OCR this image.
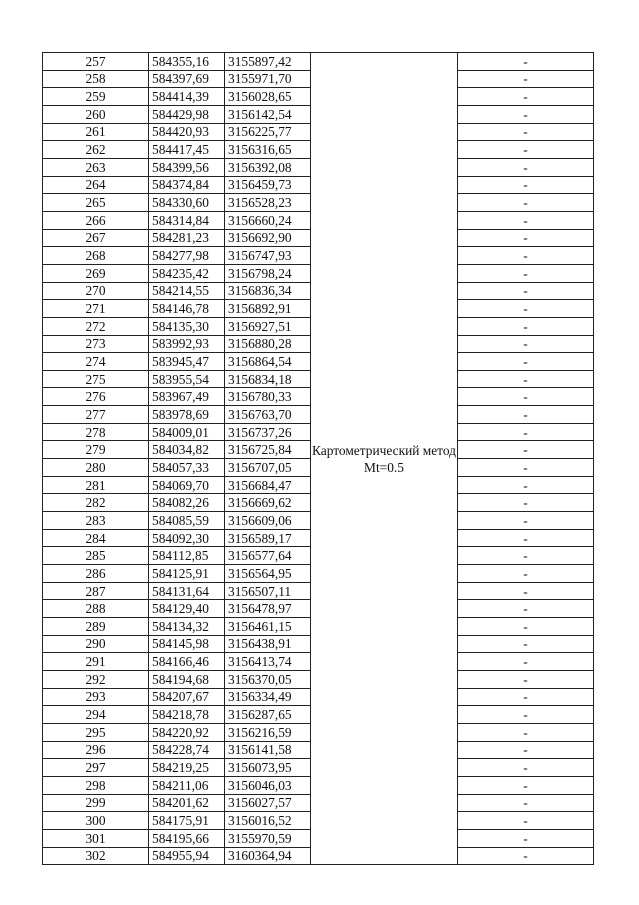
257	584355,16	3155897,42	Картометрический метод Mt=0.5	-
258	584397,69	3155971,70		-
259	584414,39	3156028,65		-
260	584429,98	3156142,54		-
261	584420,93	3156225,77		-
262	584417,45	3156316,65		-
263	584399,56	3156392,08		-
264	584374,84	3156459,73		-
265	584330,60	3156528,23		-
266	584314,84	3156660,24		-
267	584281,23	3156692,90		-
268	584277,98	3156747,93		-
269	584235,42	3156798,24		-
270	584214,55	3156836,34		-
271	584146,78	3156892,91		-
272	584135,30	3156927,51		-
273	583992,93	3156880,28		-
274	583945,47	3156864,54		-
275	583955,54	3156834,18		-
276	583967,49	3156780,33		-
277	583978,69	3156763,70		-
278	584009,01	3156737,26		-
279	584034,82	3156725,84		-
280	584057,33	3156707,05		-
281	584069,70	3156684,47		-
282	584082,26	3156669,62		-
283	584085,59	3156609,06		-
284	584092,30	3156589,17		-
285	584112,85	3156577,64		-
286	584125,91	3156564,95		-
287	584131,64	3156507,11		-
288	584129,40	3156478,97		-
289	584134,32	3156461,15		-
290	584145,98	3156438,91		-
291	584166,46	3156413,74		-
292	584194,68	3156370,05		-
293	584207,67	3156334,49		-
294	584218,78	3156287,65		-
295	584220,92	3156216,59		-
296	584228,74	3156141,58		-
297	584219,25	3156073,95		-
298	584211,06	3156046,03		-
299	584201,62	3156027,57		-
300	584175,91	3156016,52		-
301	584195,66	3155970,59		-
302	584955,94	3160364,94		-
